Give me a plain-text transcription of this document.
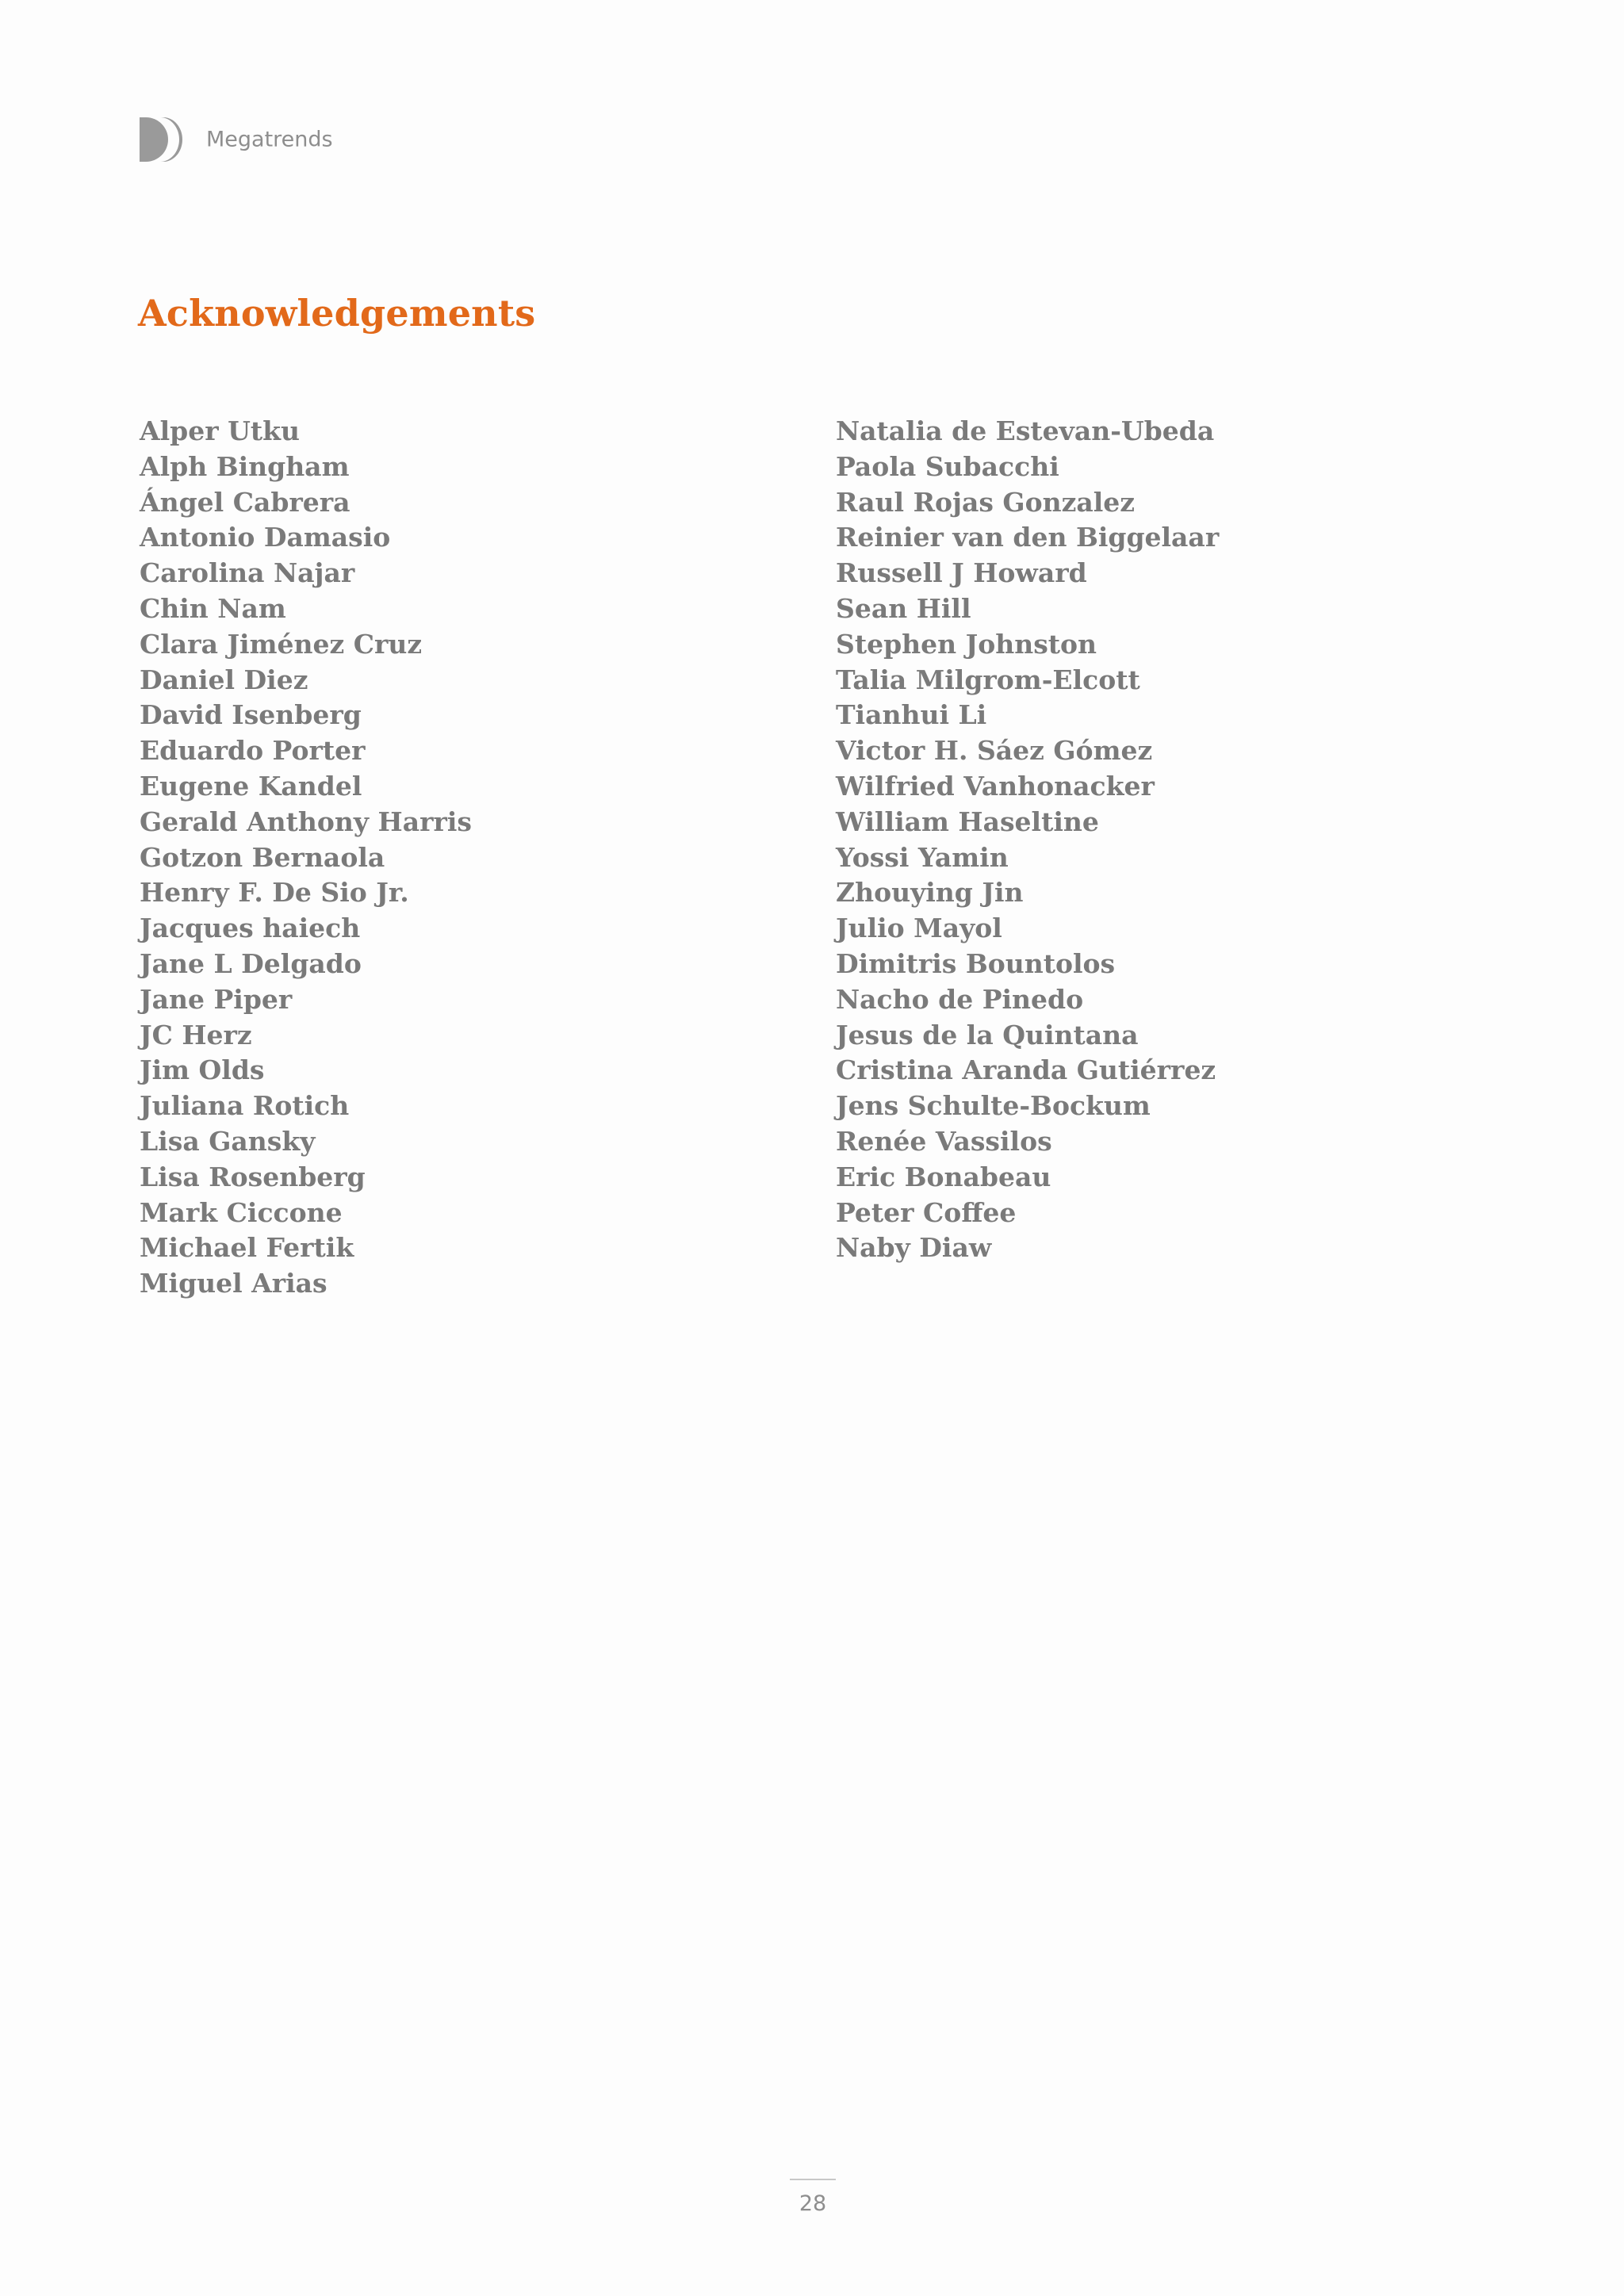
Megatrends
Acknowledgements
Alper Utku
Alph Bingham
Ángel Cabrera
Antonio Damasio
Carolina Najar
Chin Nam
Clara Jiménez Cruz
Daniel Diez
David Isenberg
Eduardo Porter
Eugene Kandel
Gerald Anthony Harris
Gotzon Bernaola
Henry F. De Sio Jr.
Jacques haiech
Jane L Delgado
Jane Piper
JC Herz
Jim Olds
Juliana Rotich
Lisa Gansky
Lisa Rosenberg
Mark Ciccone
Michael Fertik
Miguel Arias
Natalia de Estevan-Ubeda
Paola Subacchi
Raul Rojas Gonzalez
Reinier van den Biggelaar
Russell J Howard
Sean Hill
Stephen Johnston
Talia Milgrom-Elcott
Tianhui Li
Victor H. Sáez Gómez
Wilfried Vanhonacker
William Haseltine
Yossi Yamin
Zhouying Jin
Julio Mayol
Dimitris Bountolos
Nacho de Pinedo
Jesus de la Quintana
Cristina Aranda Gutiérrez
Jens Schulte-Bockum
Renée Vassilos
Eric Bonabeau
Peter Coffee
Naby Diaw
28
